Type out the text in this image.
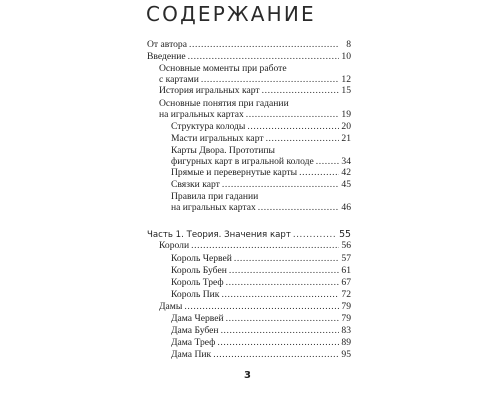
СОДЕРЖАНИЕ
От автора .....	8
Введение .....	10
Основные моменты при работе
с картами .....	12
История игральных карт .....	15
Основные понятия при гадании
на игральных картах .....	19
Структура колоды .....	20
Масти игральных карт .....	21
Карты Двора. Прототипы
фигурных карт в игральной колоде .....	34
Прямые и перевернутые карты .....	42
Связки карт .....	45
Правила при гадании
на игральных картах .....	46
Часть 1. Теория. Значения карт .....	55
Короли .....	56
Король Червей .....	57
Король Бубен .....	61
Король Треф .....	67
Король Пик .....	72
Дамы .....	79
Дама Червей .....	79
Дама Бубен .....	83
Дама Треф .....	89
Дама Пик .....	95
3
